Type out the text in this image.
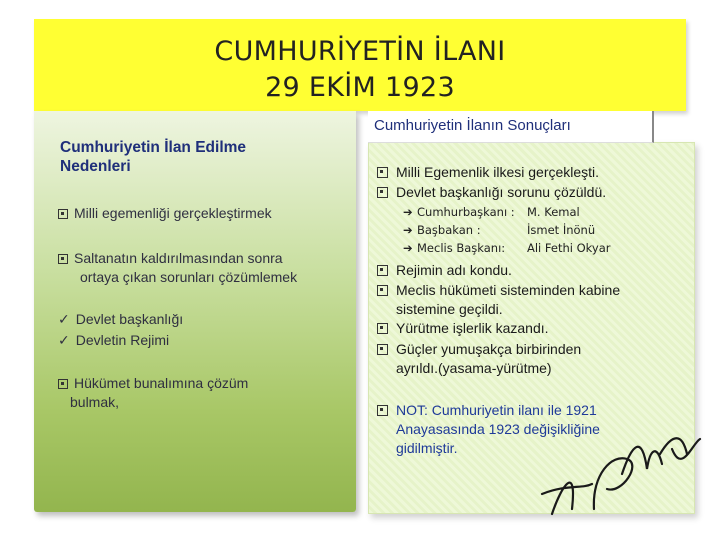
CUMHURİYETİN İLANI
29 EKİM 1923
Cumhuriyetin İlan Edilme Nedenleri
Milli egemenliği gerçekleştirmek
Saltanatın kaldırılmasından sonra
ortaya çıkan sorunları çözümlemek
✓ Devlet başkanlığı
✓ Devletin Rejimi
Hükümet bunalımına çözüm
bulmak,
Milli Egemenlik ilkesi gerçekleşti.
Devlet başkanlığı sorunu çözüldü.
➔ Cumhurbaşkanı : M. Kemal
➔ Başbakan :	İsmet İnönü
➔ Meclis Başkanı: Ali Fethi Okyar
Rejimin adı kondu.
Meclis hükümeti sisteminden kabine
sistemine geçildi.
Yürütme işlerlik kazandı.
Güçler yumuşakça birbirinden
ayrıldı.(yasama-yürütme)
NOT: Cumhuriyetin ilanı ile 1921
Anayasasında 1923 değişikliğine
gidilmiştir.
Cumhuriyetin İlanın Sonuçları
